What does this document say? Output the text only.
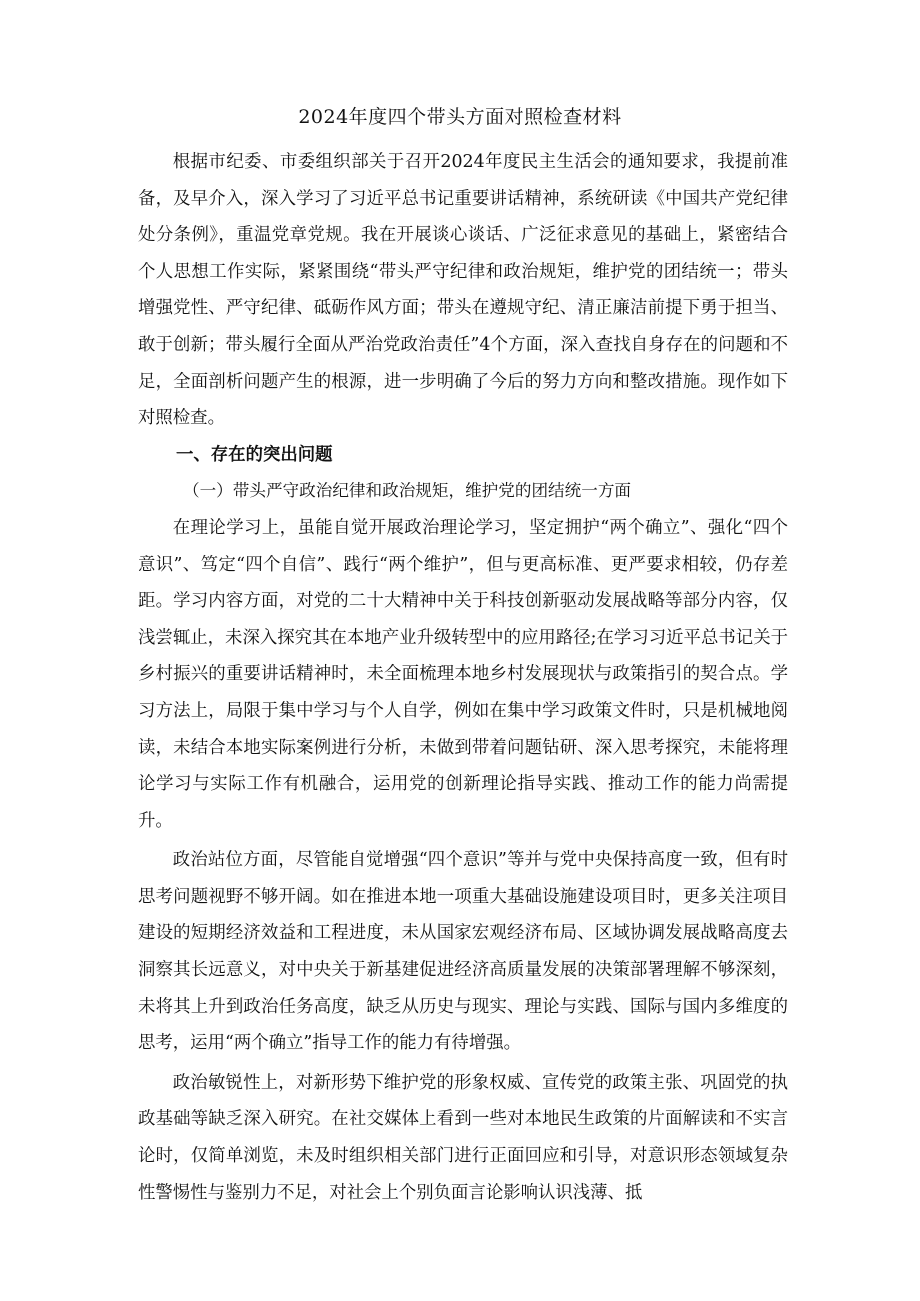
2024年度四个带头方面对照检查材料

根据市纪委、市委组织部关于召开2024年度民主生活会的通知要求，我提前准备，及早介入，深入学习了习近平总书记重要讲话精神，系统研读《中国共产党纪律处分条例》，重温党章党规。我在开展谈心谈话、广泛征求意见的基础上，紧密结合个人思想工作实际，紧紧围绕“带头严守纪律和政治规矩，维护党的团结统一；带头增强党性、严守纪律、砥砺作风方面；带头在遵规守纪、清正廉洁前提下勇于担当、敢于创新；带头履行全面从严治党政治责任”4个方面，深入查找自身存在的问题和不足，全面剖析问题产生的根源，进一步明确了今后的努力方向和整改措施。现作如下对照检查。

一、存在的突出问题

（一）带头严守政治纪律和政治规矩，维护党的团结统一方面

在理论学习上，虽能自觉开展政治理论学习，坚定拥护“两个确立”、强化“四个意识”、笃定“四个自信”、践行“两个维护”，但与更高标准、更严要求相较，仍存差距。学习内容方面，对党的二十大精神中关于科技创新驱动发展战略等部分内容，仅浅尝辄止，未深入探究其在本地产业升级转型中的应用路径;在学习习近平总书记关于乡村振兴的重要讲话精神时，未全面梳理本地乡村发展现状与政策指引的契合点。学习方法上，局限于集中学习与个人自学，例如在集中学习政策文件时，只是机械地阅读，未结合本地实际案例进行分析，未做到带着问题钻研、深入思考探究，未能将理论学习与实际工作有机融合，运用党的创新理论指导实践、推动工作的能力尚需提升。

政治站位方面，尽管能自觉增强“四个意识”等并与党中央保持高度一致，但有时思考问题视野不够开阔。如在推进本地一项重大基础设施建设项目时，更多关注项目建设的短期经济效益和工程进度，未从国家宏观经济布局、区域协调发展战略高度去洞察其长远意义，对中央关于新基建促进经济高质量发展的决策部署理解不够深刻，未将其上升到政治任务高度，缺乏从历史与现实、理论与实践、国际与国内多维度的思考，运用“两个确立”指导工作的能力有待增强。

政治敏锐性上，对新形势下维护党的形象权威、宣传党的政策主张、巩固党的执政基础等缺乏深入研究。在社交媒体上看到一些对本地民生政策的片面解读和不实言论时，仅简单浏览，未及时组织相关部门进行正面回应和引导，对意识形态领域复杂性警惕性与鉴别力不足，对社会上个别负面言论影响认识浅薄、抵
